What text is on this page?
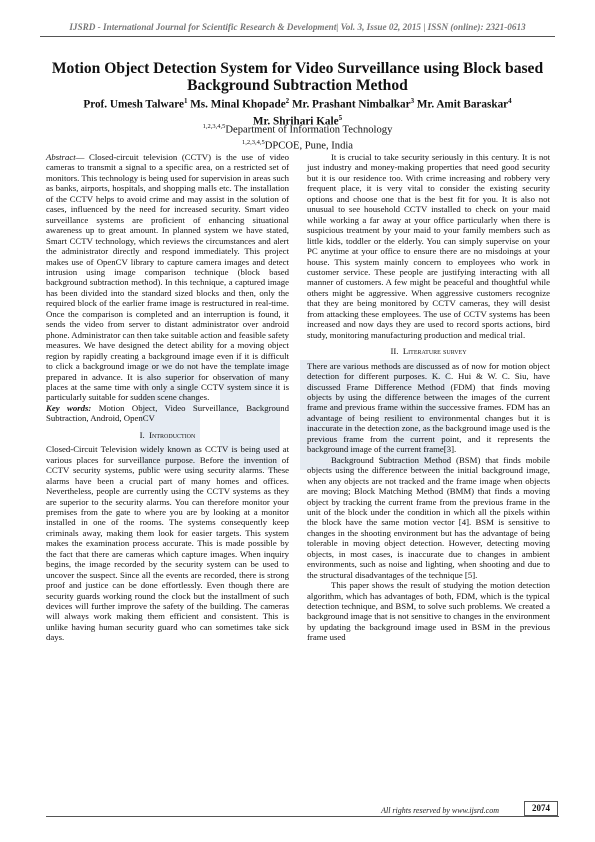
IJSRD - International Journal for Scientific Research & Development| Vol. 3, Issue 02, 2015 | ISSN (online): 2321-0613
Motion Object Detection System for Video Surveillance using Block based Background Subtraction Method
Prof. Umesh Talware$^1$ Ms. Minal Khopade$^2$ Mr. Prashant Nimbalkar$^3$ Mr. Amit Baraskar$^4$
Mr. Shrihari Kale$^5$
$^{1,2,3,4,5}$Department of Information Technology
$^{1,2,3,4,5}$DPCOE, Pune, India

Abstract— Closed-circuit television (CCTV) is the use of video cameras to transmit a signal to a specific area, on a restricted set of monitors. This technology is being used for supervision in areas such as banks, airports, hospitals, and shopping malls etc. The installation of the CCTV helps to avoid crime and may assist in the solution of cases, influenced by the need for increased security. Smart video surveillance systems are proficient of enhancing situational awareness up to great amount. In planned system we have stated, Smart CCTV technology, which reviews the circumstances and alert the administrator directly and respond immediately. This project makes use of OpenCV library to capture camera images and detect intrusion using image comparison technique (block based background subtraction method). In this technique, a captured image has been divided into the standard sized blocks and then, only the required block of the earlier frame image is restructured in real-time. Once the comparison is completed and an interruption is found, it sends the video from server to distant administrator over android phone. Administrator can then take suitable action and feasible safety measures. We have designed the detect ability for a moving object region by rapidly creating a background image even if it is difficult to click a background image or we do not have the template image prepared in advance. It is also superior for observation of many places at the same time with only a single CCTV system since it is particularly suitable for sudden scene changes.

Key words: Motion Object, Video Surveillance, Background Subtraction, Android, OpenCV

I. Introduction

Closed-Circuit Television widely known as CCTV is being used at various places for surveillance purpose. Before the invention of CCTV security systems, public were using security alarms. These alarms have been a crucial part of many homes and offices. Nevertheless, people are currently using the CCTV systems as they are superior to the security alarms. You can therefore monitor your premises from the gate to where you are by looking at a monitor installed in one of the rooms. The systems consequently keep criminals away, making them look for easier targets. This system makes the examination process accurate. This is made possible by the fact that there are cameras which capture images. When inquiry begins, the image recorded by the security system can be used to uncover the suspect. Since all the events are recorded, there is strong proof and justice can be done effortlessly. Even though there are security guards working round the clock but the installment of such devices will further improve the safety of the building. The cameras will always work making them efficient and consistent. This is unlike having human security guard who can sometimes take sick days.

It is crucial to take security seriously in this century. It is not just industry and money-making properties that need good security but it is our residence too. With crime increasing and robbery very frequent place, it is very vital to consider the existing security options and choose one that is the best fit for you. It is also not unusual to see household CCTV installed to check on your maid while working a far away at your office particularly when there is suspicious treatment by your maid to your family members such as little kids, toddler or the elderly. You can simply supervise on your PC anytime at your office to ensure there are no misdoings at your house. This system mainly concern to employees who work in customer service. These people are justifying interacting with all manner of customers. A few might be peaceful and thoughtful while others might be aggressive. When aggressive customers recognize that they are being monitored by CCTV cameras, they will desist from attacking these employees. The use of CCTV systems has been increased and now days they are used to record sports actions, bird study, monitoring manufacturing production and medical trial.

II. Literature survey

There are various methods are discussed as of now for motion object detection for different purposes. K. C. Hui & W. C. Siu, have discussed Frame Difference Method (FDM) that finds moving objects by using the difference between the images of the current frame and previous frame within the successive frames. FDM has an advantage of being resilient to environmental changes but it is inaccurate in the detection zone, as the background image used is the previous frame from the current point, and it represents the background image of the current frame[3].

Background Subtraction Method (BSM) that finds mobile objects using the difference between the initial background image, when any objects are not tracked and the frame image when objects are moving; Block Matching Method (BMM) that finds a moving object by tracking the current frame from the previous frame in the unit of the block under the condition in which all the pixels within the block have the same motion vector [4]. BSM is sensitive to changes in the shooting environment but has the advantage of being tolerable in moving object detection. However, detecting moving objects, in most cases, is inaccurate due to changes in ambient environments, such as noise and lighting, when shooting and due to the structural disadvantages of the technique [5].

This paper shows the result of studying the motion detection algorithm, which has advantages of both, FDM, which is the typical detection technique, and BSM, to solve such problems. We created a background image that is not sensitive to changes in the environment by updating the background image used in BSM in the previous frame used

All rights reserved by www.ijsrd.com	2074
